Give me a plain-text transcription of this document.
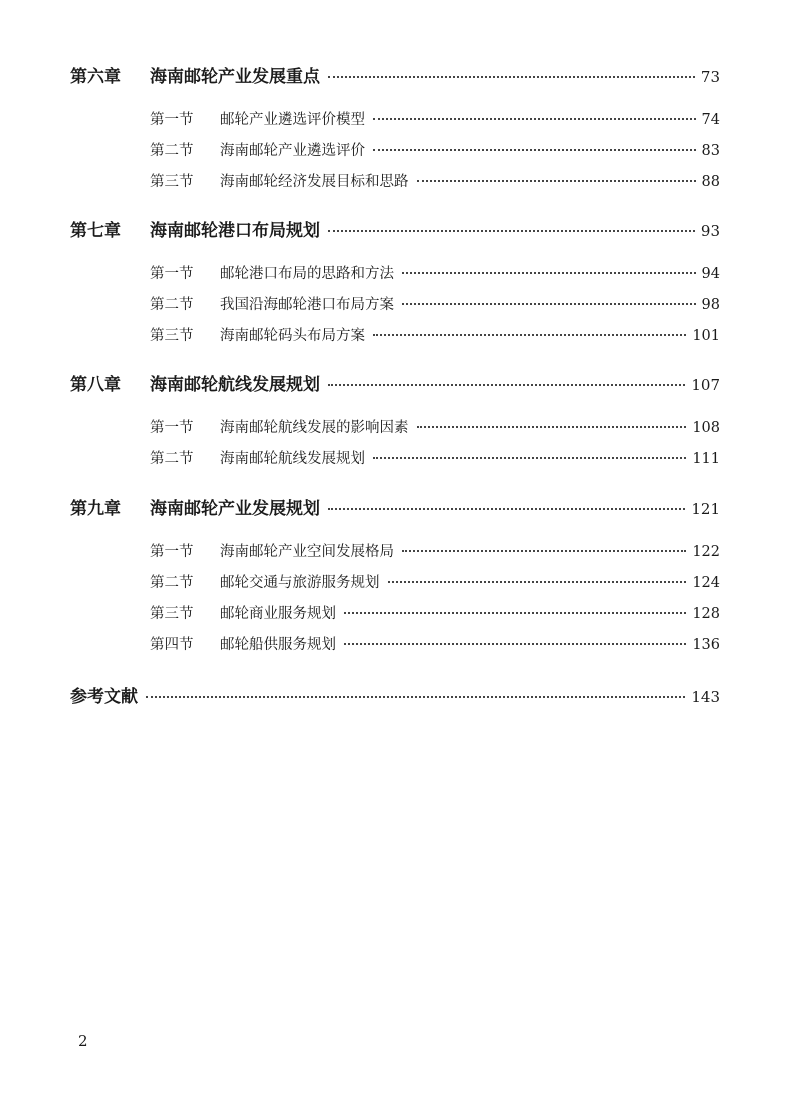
第六章	海南邮轮产业发展重点	73
第一节	邮轮产业遴选评价模型	74
第二节	海南邮轮产业遴选评价	83
第三节	海南邮轮经济发展目标和思路	88
第七章	海南邮轮港口布局规划	93
第一节	邮轮港口布局的思路和方法	94
第二节	我国沿海邮轮港口布局方案	98
第三节	海南邮轮码头布局方案	101
第八章	海南邮轮航线发展规划	107
第一节	海南邮轮航线发展的影响因素	108
第二节	海南邮轮航线发展规划	111
第九章	海南邮轮产业发展规划	121
第一节	海南邮轮产业空间发展格局	122
第二节	邮轮交通与旅游服务规划	124
第三节	邮轮商业服务规划	128
第四节	邮轮船供服务规划	136
参考文献	143
2
